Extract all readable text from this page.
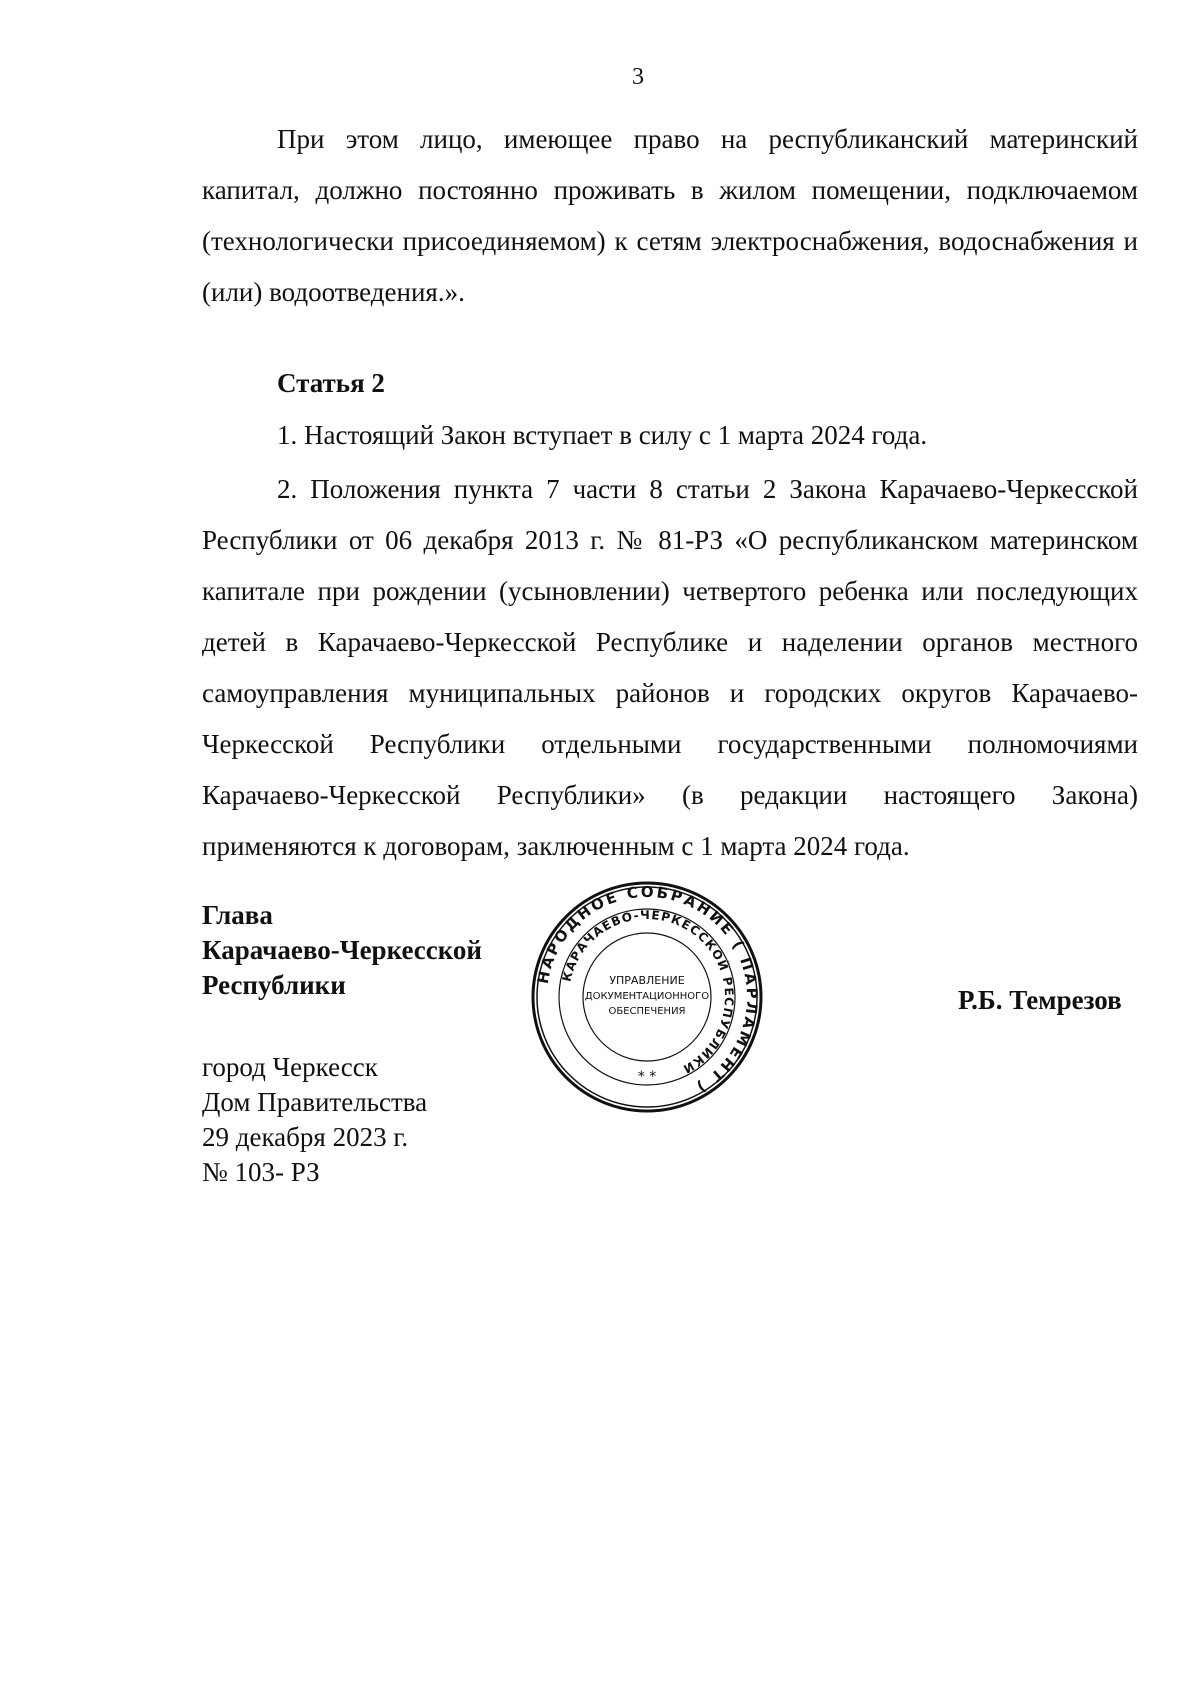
3

При этом лицо, имеющее право на республиканский материнский капитал, должно постоянно проживать в жилом помещении, подключаемом (технологически присоединяемом) к сетям электроснабжения, водоснабжения и (или) водоотведения.».

Статья 2

1. Настоящий Закон вступает в силу с 1 марта 2024 года.

2. Положения пункта 7 части 8 статьи 2 Закона Карачаево-Черкесской Республики от 06 декабря 2013 г. № 81-РЗ «О республиканском материнском капитале при рождении (усыновлении) четвертого ребенка или последующих детей в Карачаево-Черкесской Республике и наделении органов местного самоуправления муниципальных районов и городских округов Карачаево-Черкесской Республики отдельными государственными полномочиями Карачаево-Черкесской Республики» (в редакции настоящего Закона) применяются к договорам, заключенным с 1 марта 2024 года.

Глава
Карачаево-Черкесской
Республики	НАРОДНОЕ СОБРАНИЕ ( ПАРЛАМЕНТ )
КАРАЧАЕВО-ЧЕРКЕССКОЙ РЕСПУБЛИКИ
УПРАВЛЕНИЕ
ДОКУМЕНТАЦИОННОГО
ОБЕСПЕЧЕНИЯ
* *

Р.Б. Темрезов

город Черкесск
Дом Правительства
29 декабря 2023 г.
№ 103- РЗ
